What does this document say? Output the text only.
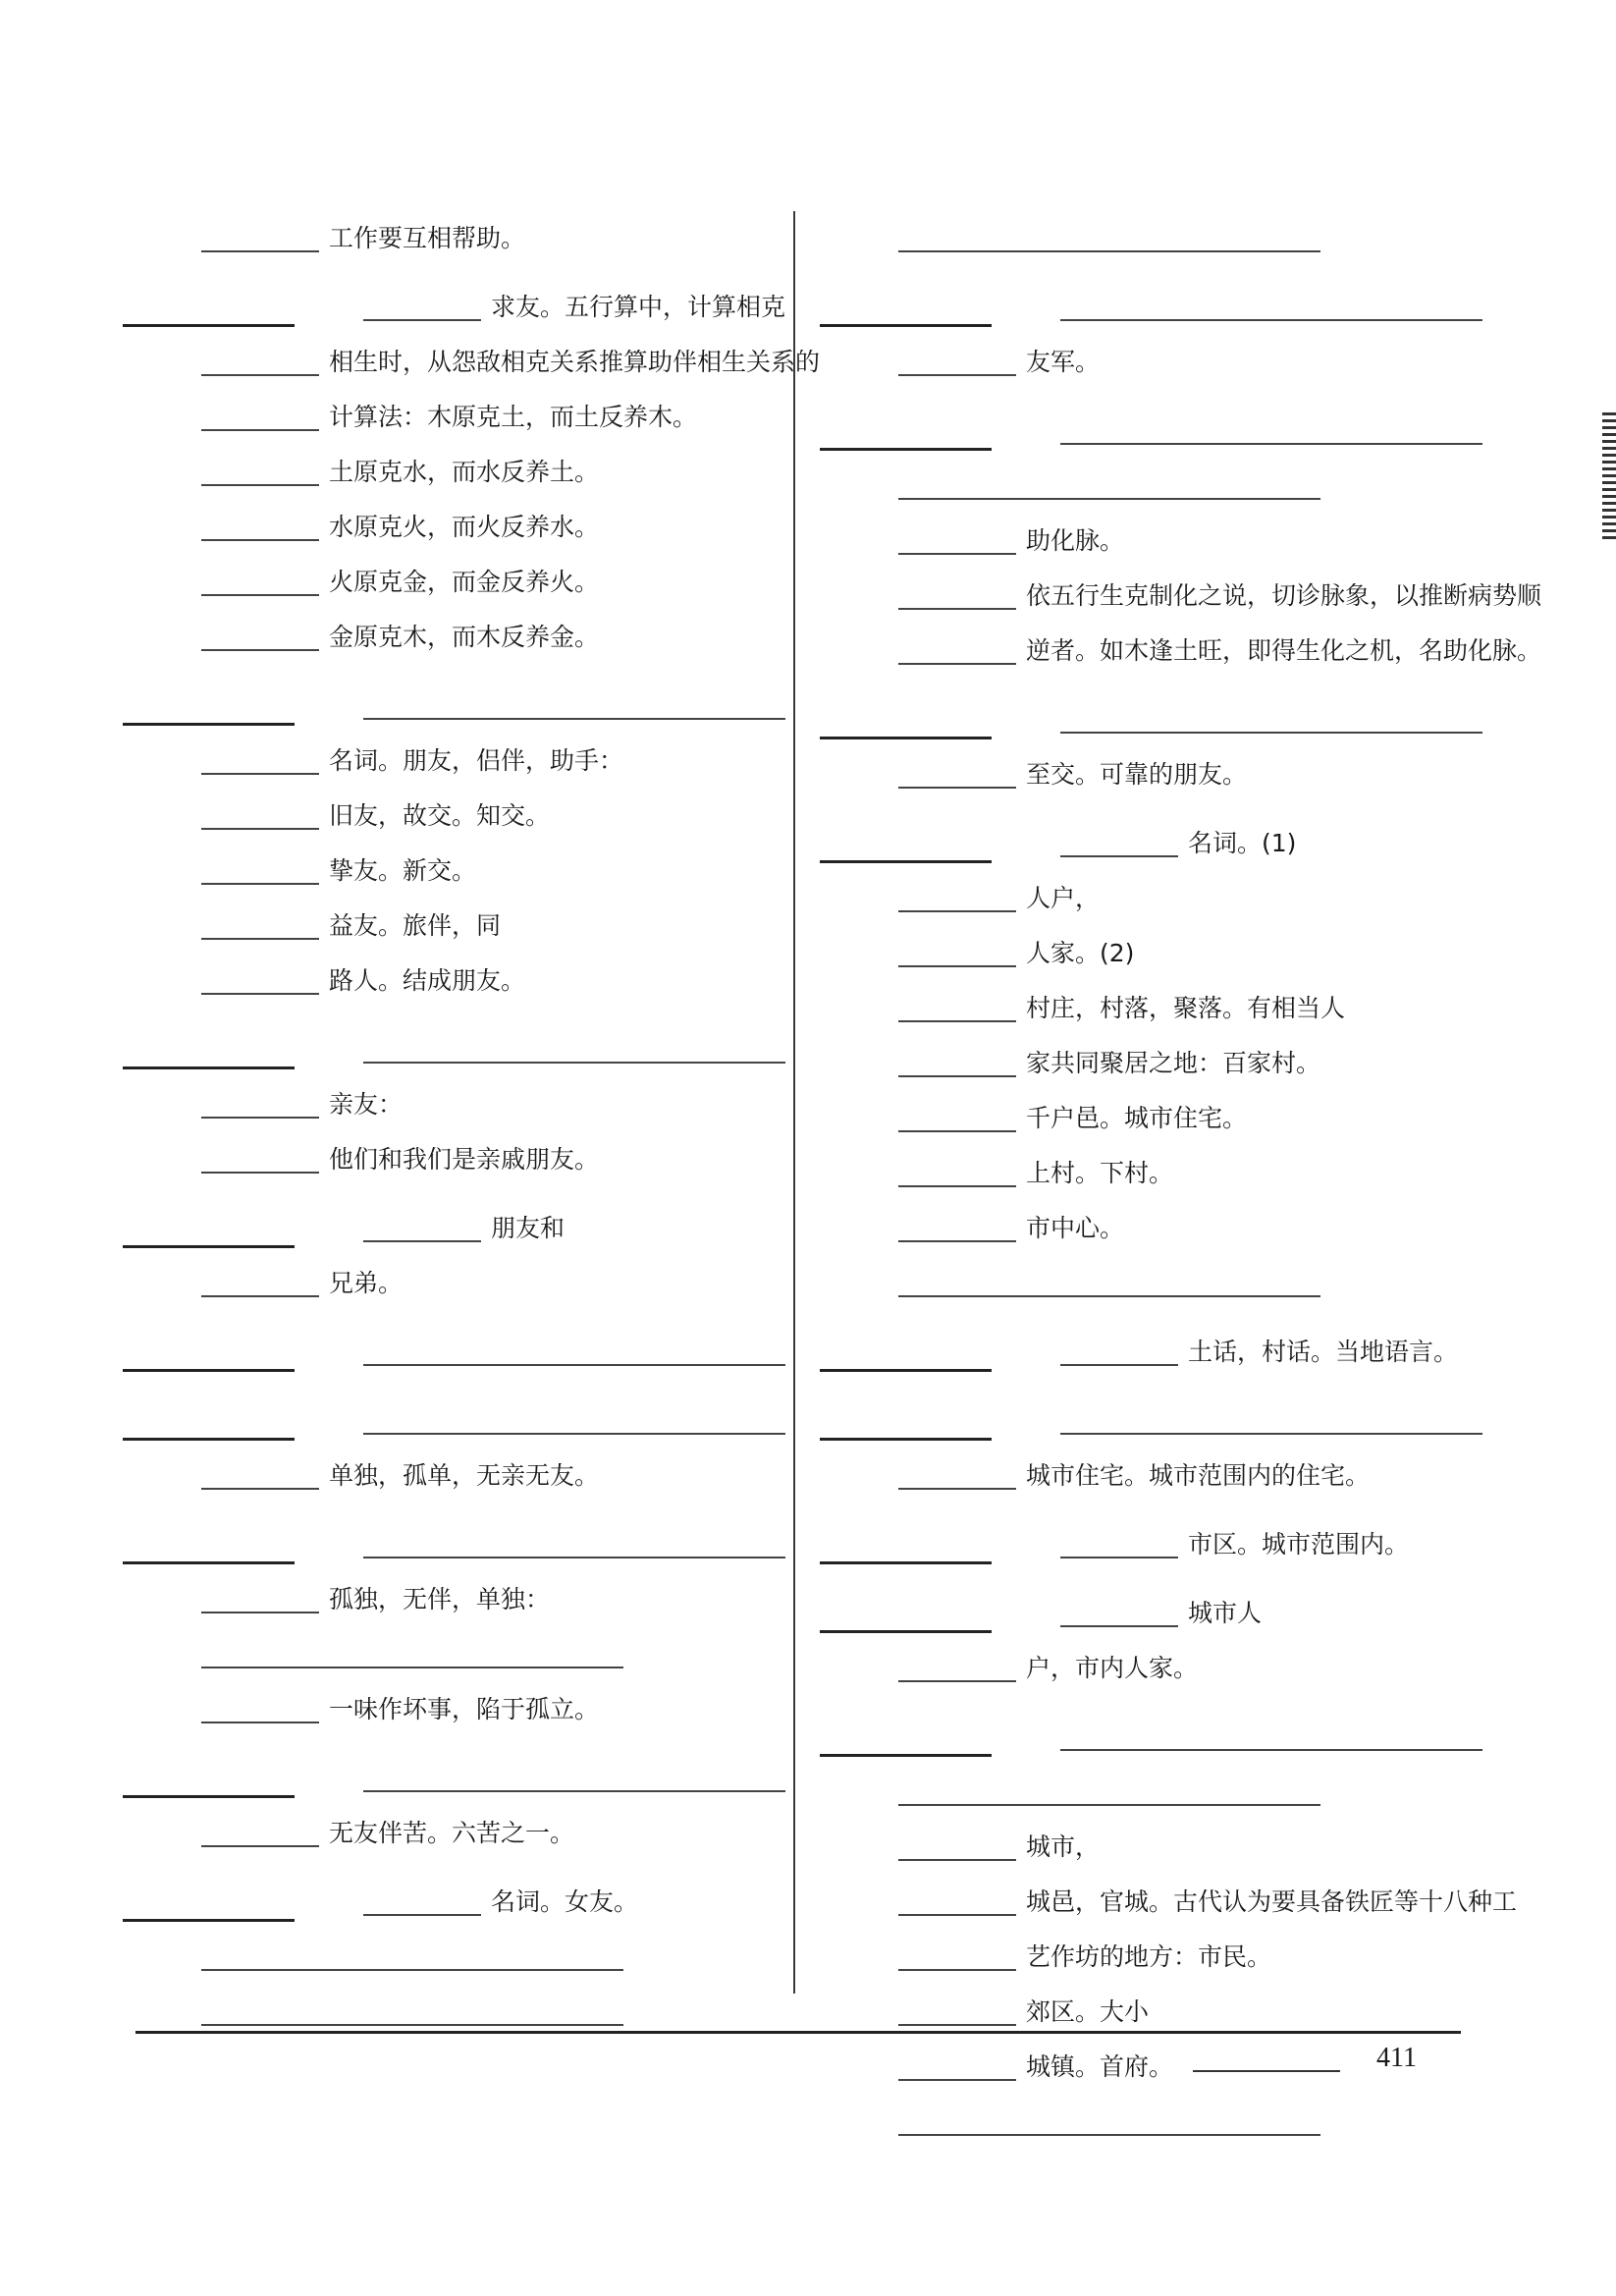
工作要互相帮助。
求友。五行算中，计算相克
相生时，从怨敌相克关系推算助伴相生关系的
计算法：木原克土，而土反养木。
土原克水，而水反养土。
水原克火，而火反养水。
火原克金，而金反养火。
金原克木，而木反养金。
名词。朋友，侣伴，助手：
旧友，故交。知交。
挚友。新交。
益友。旅伴，同
路人。结成朋友。
亲友：
他们和我们是亲戚朋友。
朋友和
兄弟。
单独，孤单，无亲无友。
孤独，无伴，单独：
一味作坏事，陷于孤立。
无友伴苦。六苦之一。
名词。女友。
友军。
助化脉。
依五行生克制化之说，切诊脉象，以推断病势顺
逆者。如木逢土旺，即得生化之机，名助化脉。
至交。可靠的朋友。
名词。(1)
人户，
人家。(2)
村庄，村落，聚落。有相当人
家共同聚居之地：百家村。
千户邑。城市住宅。
上村。下村。
市中心。
土话，村话。当地语言。
城市住宅。城市范围内的住宅。
市区。城市范围内。
城市人
户，市内人家。
城市，
城邑，官城。古代认为要具备铁匠等十八种工
艺作坊的地方：市民。
郊区。大小
城镇。首府。	411
